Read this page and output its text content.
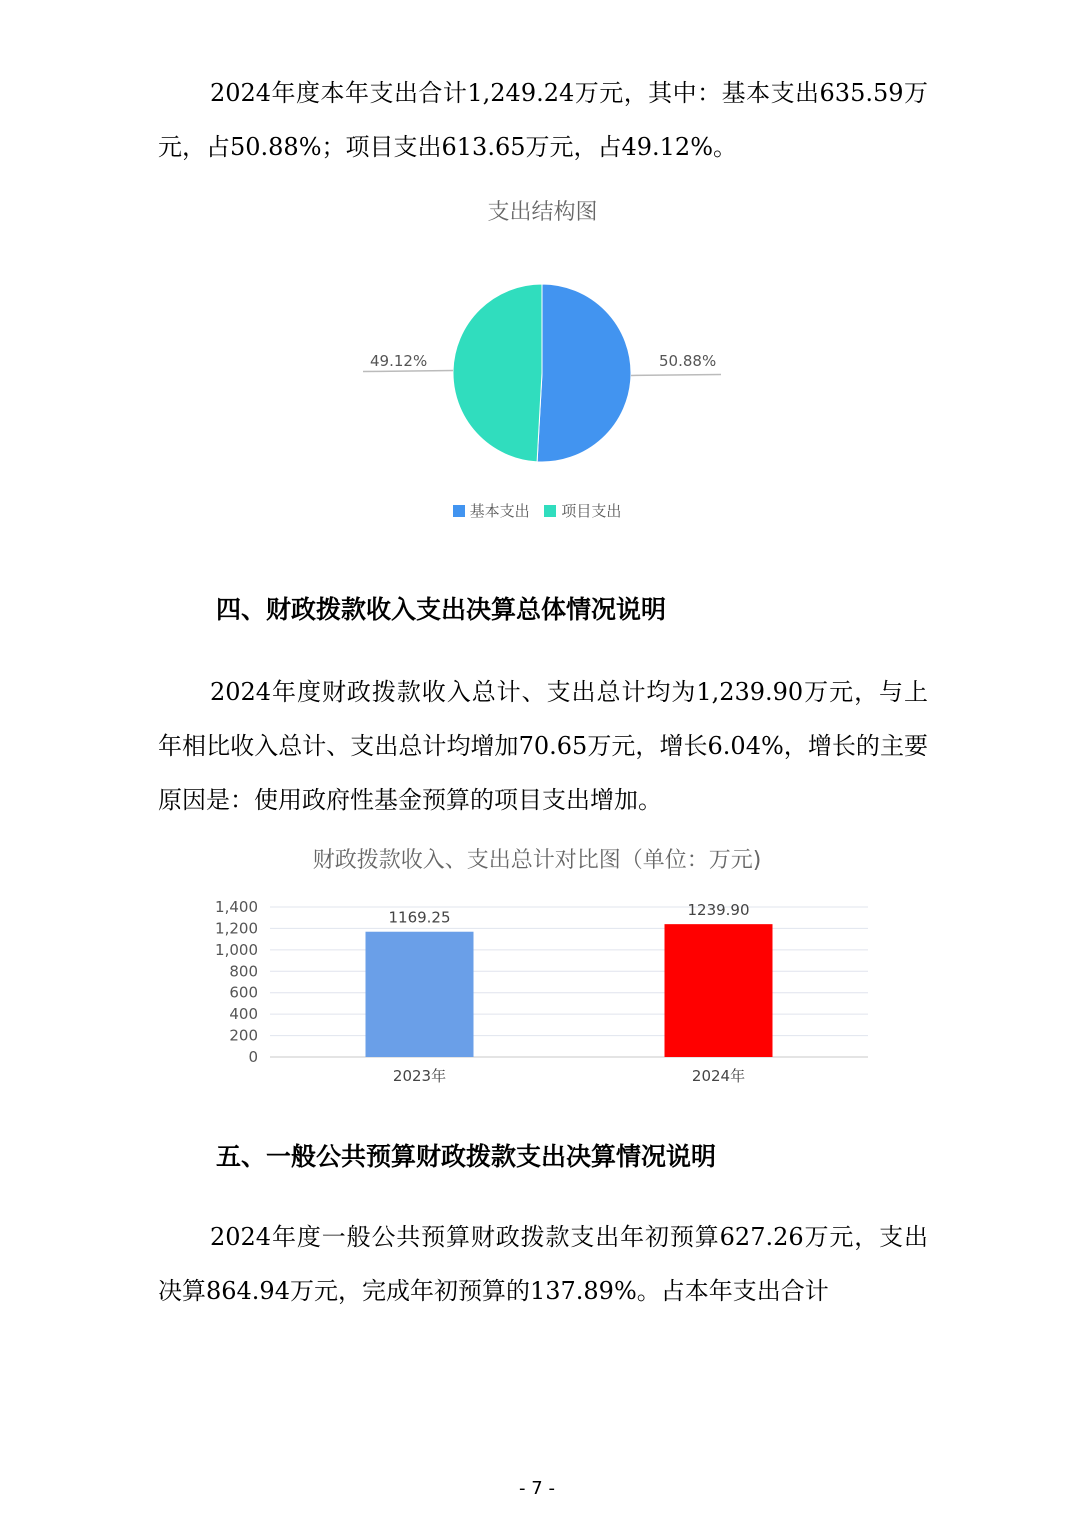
2024年度本年支出合计1,249.24万元，其中：基本支出635.59万元，占50.88%；项目支出613.65万元，占49.12%。

支出结构图
50.88%
49.12%
基本支出 项目支出
四、财政拨款收入支出决算总体情况说明

2024年度财政拨款收入总计、支出总计均为1,239.90万元，与上年相比收入总计、支出总计均增加70.65万元，增长6.04%，增长的主要原因是：使用政府性基金预算的项目支出增加。

财政拨款收入、支出总计对比图（单位：万元)
0
200
400
600
800
1,000
1,200
1,400
1169.25	1239.90
2023年	2024年
五、一般公共预算财政拨款支出决算情况说明

2024年度一般公共预算财政拨款支出年初预算627.26万元，支出决算864.94万元，完成年初预算的137.89%。占本年支出合计

- 7 -
